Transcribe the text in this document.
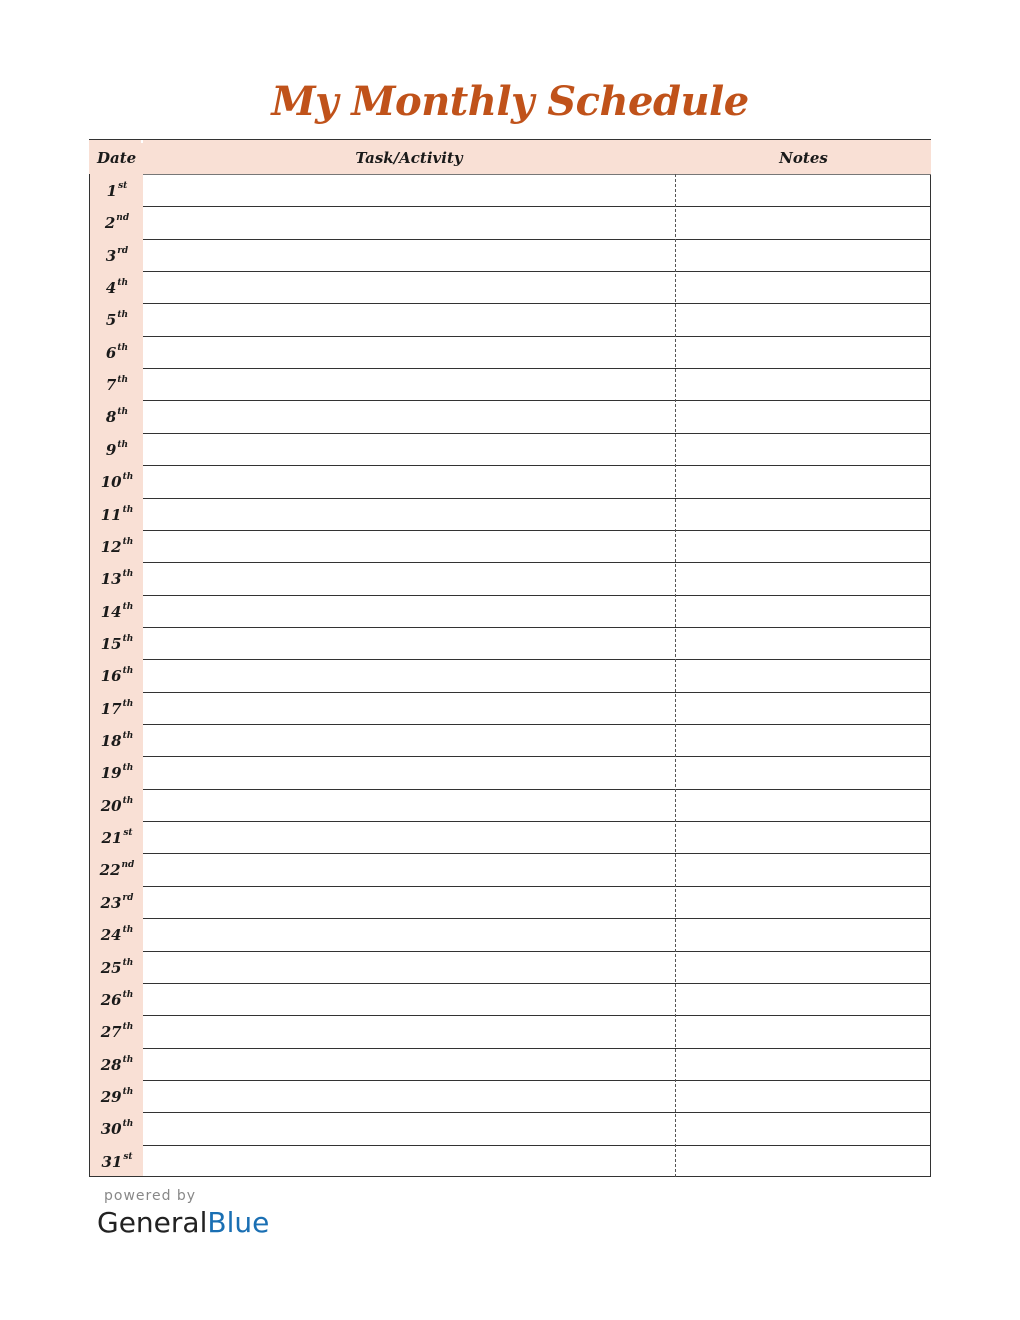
My Monthly Schedule
Date	Task/Activity	Notes
1st
2nd
3rd
4th
5th
6th
7th
8th
9th
10th
11th
12th
13th
14th
15th
16th
17th
18th
19th
20th
21st
22nd
23rd
24th
25th
26th
27th
28th
29th
30th
31st
powered by
GeneralBlue
